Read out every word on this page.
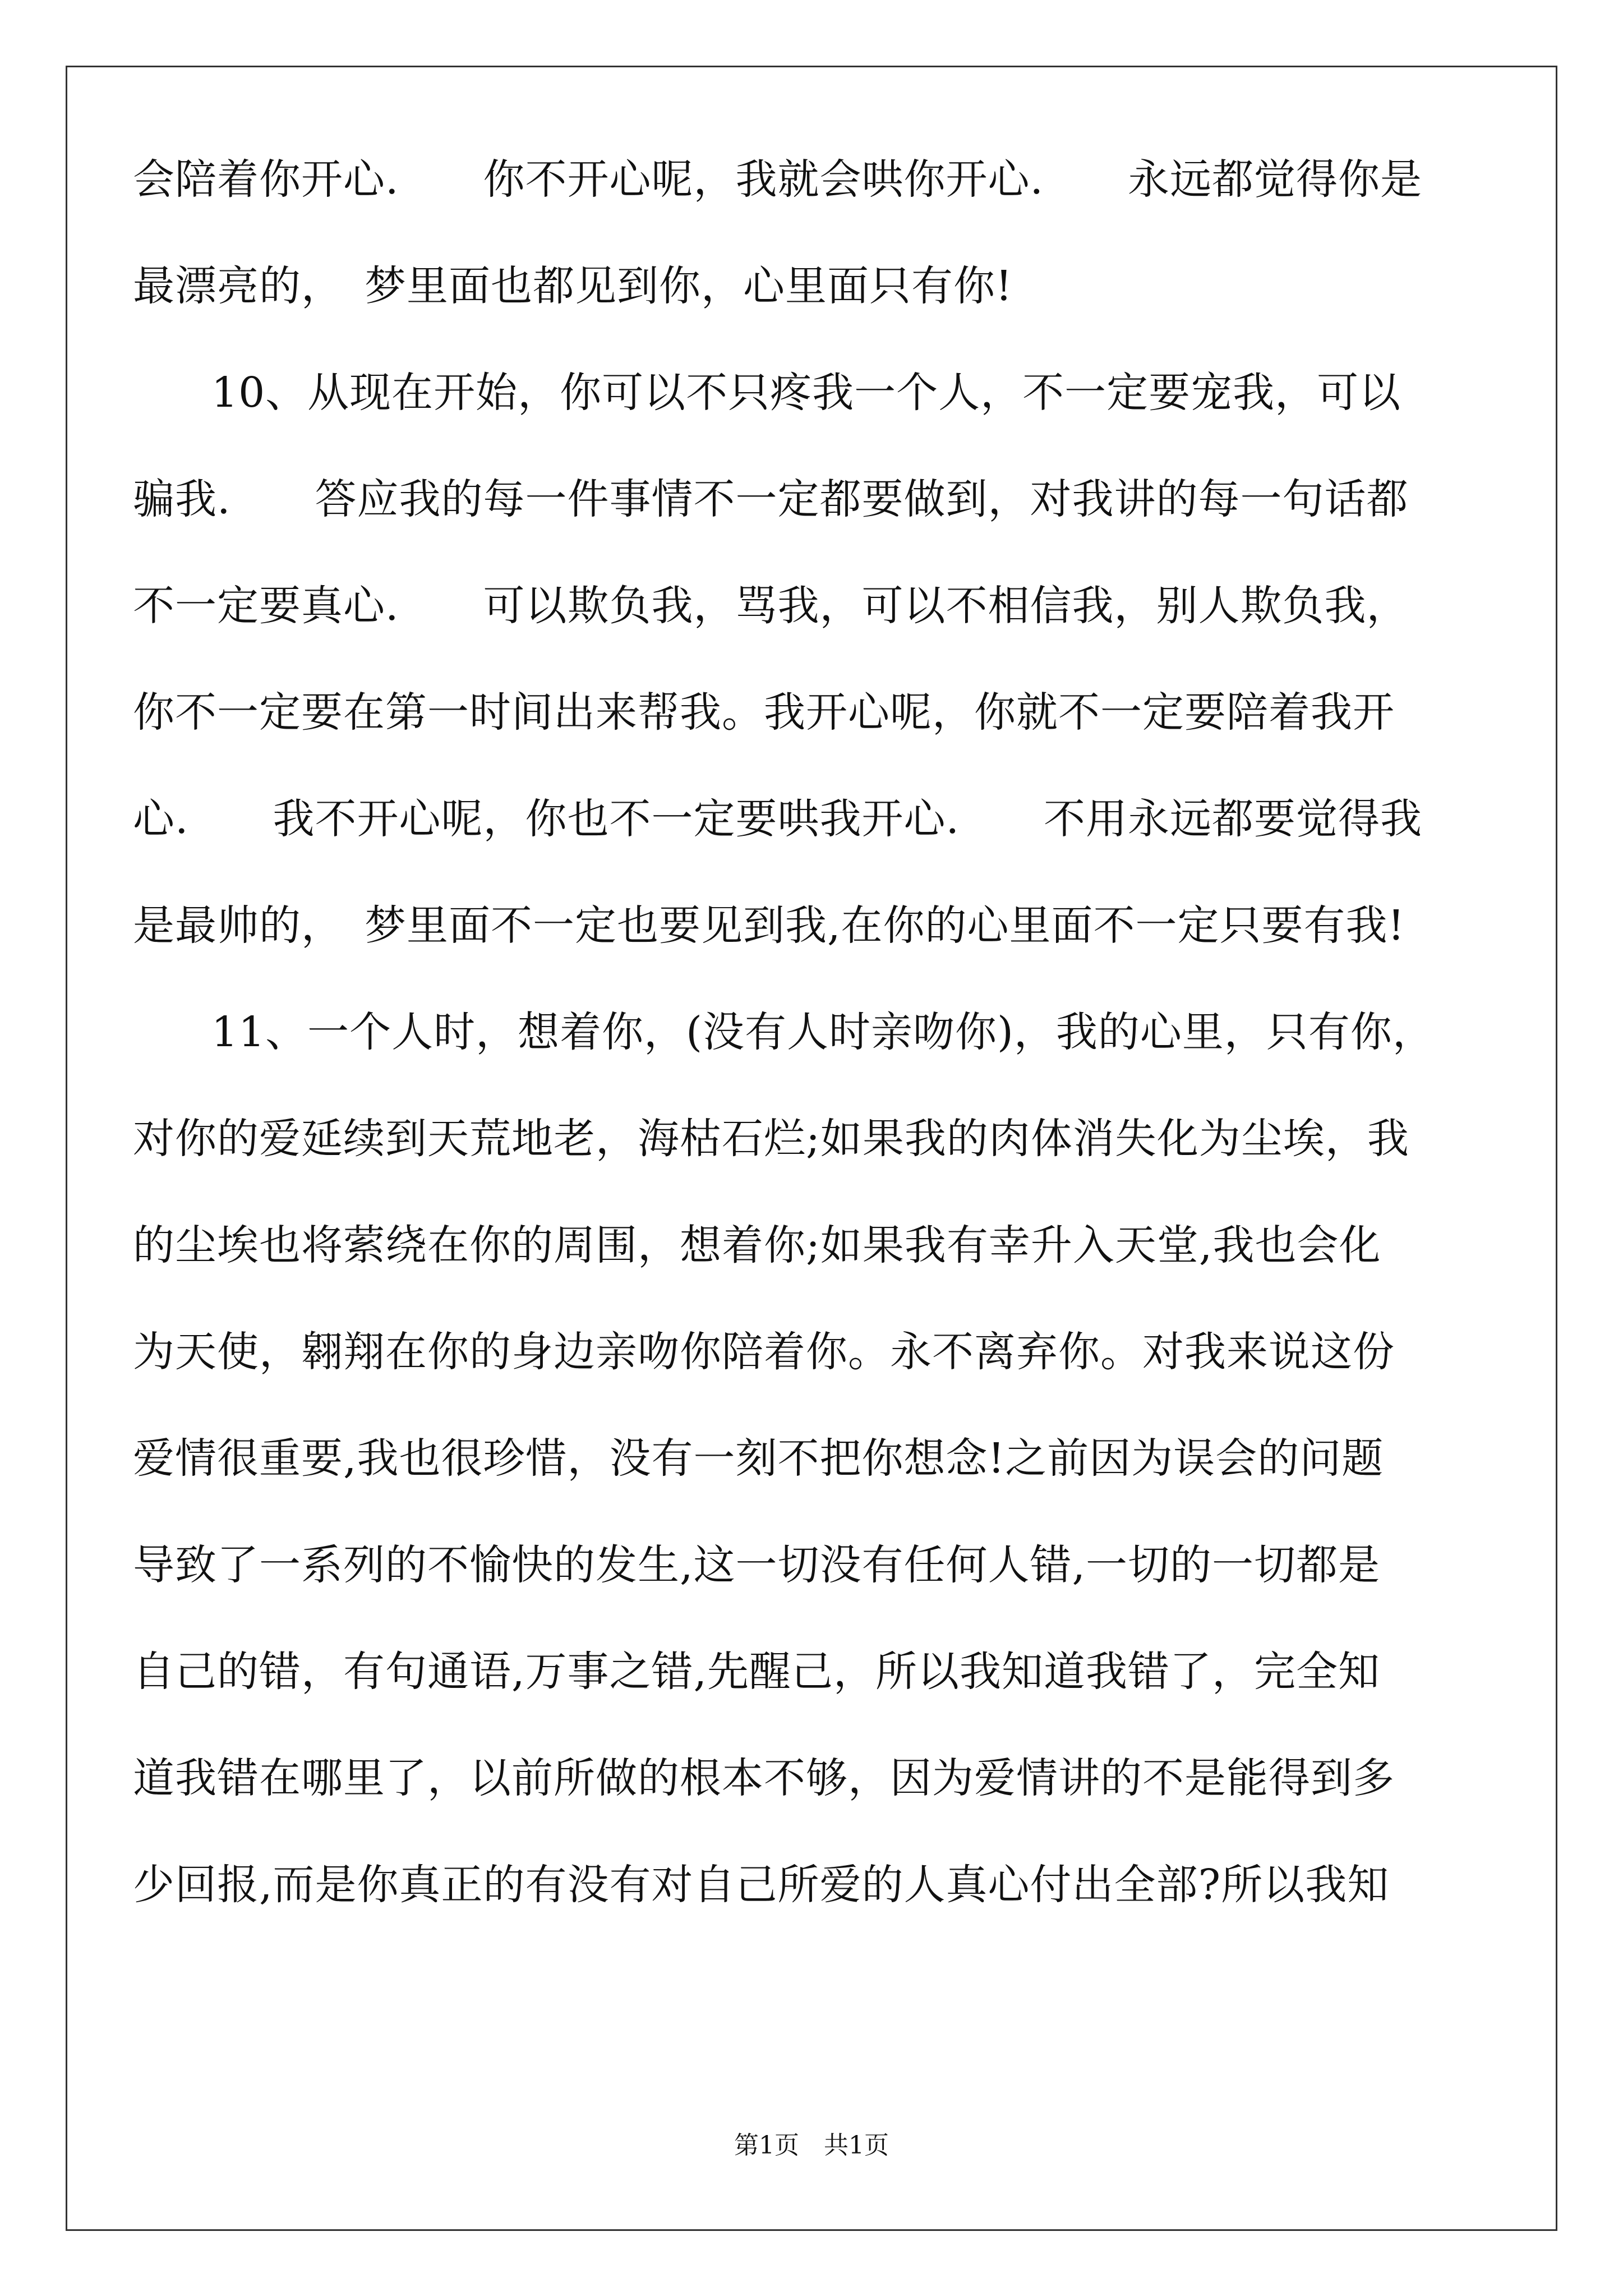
会陪着你开心.　　你不开心呢，我就会哄你开心.　　永远都觉得你是
最漂亮的，　梦里面也都见到你，心里面只有你!
10、从现在开始，你可以不只疼我一个人，不一定要宠我，可以
骗我.　　答应我的每一件事情不一定都要做到，对我讲的每一句话都
不一定要真心.　　可以欺负我，骂我，可以不相信我，别人欺负我，
你不一定要在第一时间出来帮我。我开心呢，你就不一定要陪着我开
心.　　我不开心呢，你也不一定要哄我开心.　　不用永远都要觉得我
是最帅的，　梦里面不一定也要见到我,在你的心里面不一定只要有我!
11、一个人时，想着你，(没有人时亲吻你)，我的心里，只有你，
对你的爱延续到天荒地老，海枯石烂;如果我的肉体消失化为尘埃，我
的尘埃也将萦绕在你的周围，想着你;如果我有幸升入天堂,我也会化
为天使，翱翔在你的身边亲吻你陪着你。永不离弃你。对我来说这份
爱情很重要,我也很珍惜，没有一刻不把你想念!之前因为误会的问题
导致了一系列的不愉快的发生,这一切没有任何人错,一切的一切都是
自己的错，有句通语,万事之错,先醒己，所以我知道我错了，完全知
道我错在哪里了，以前所做的根本不够，因为爱情讲的不是能得到多
少回报,而是你真正的有没有对自己所爱的人真心付出全部?所以我知
第1页　共1页
